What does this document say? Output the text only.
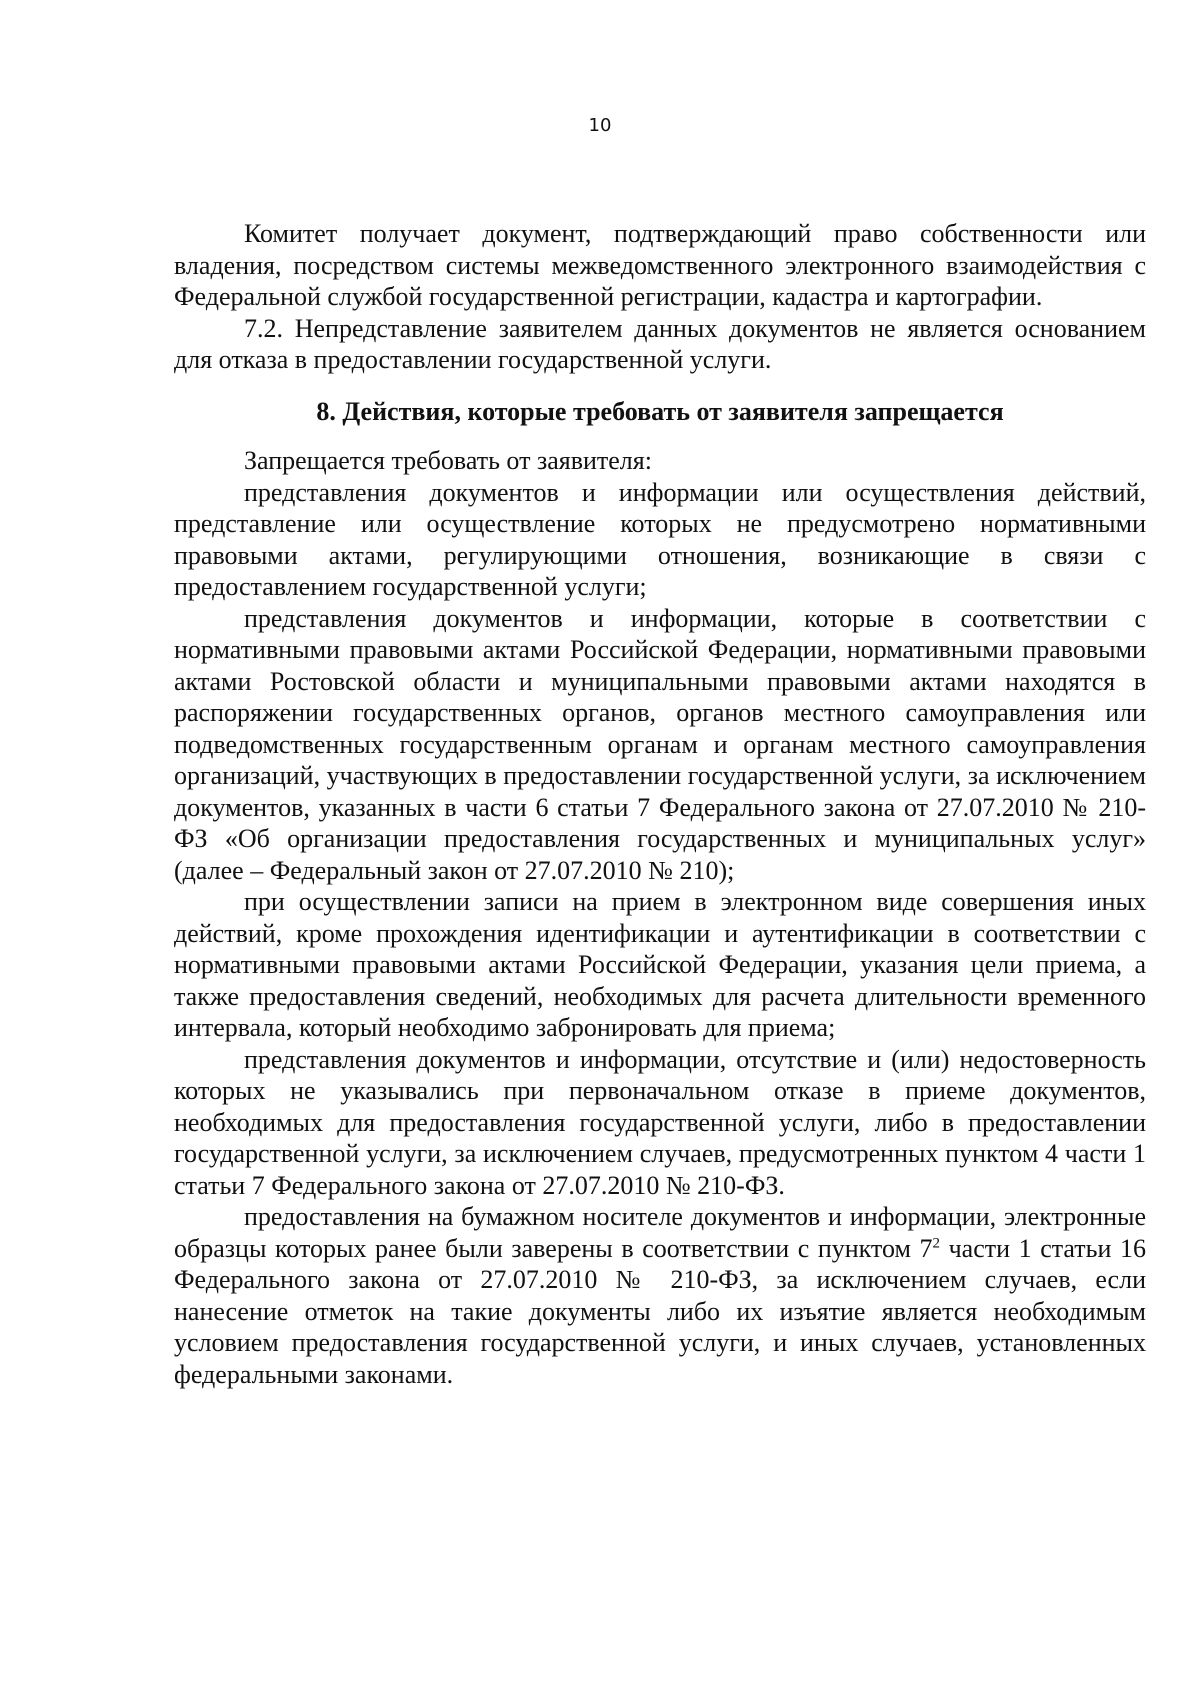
10

Комитет получает документ, подтверждающий право собственности или владения, посредством системы межведомственного электронного взаимодействия с Федеральной службой государственной регистрации, кадастра и картографии.

7.2. Непредставление заявителем данных документов не является основанием для отказа в предоставлении государственной услуги.

8. Действия, которые требовать от заявителя запрещается

Запрещается требовать от заявителя:

представления документов и информации или осуществления действий, представление или осуществление которых не предусмотрено нормативными правовыми актами, регулирующими отношения, возникающие в связи с предоставлением государственной услуги;

представления документов и информации, которые в соответствии с нормативными правовыми актами Российской Федерации, нормативными правовыми актами Ростовской области и муниципальными правовыми актами находятся в распоряжении государственных органов, органов местного самоуправления или подведомственных государственным органам и органам местного самоуправления организаций, участвующих в предоставлении государственной услуги, за исключением документов, указанных в части 6 статьи 7 Федерального закона от 27.07.2010 № 210-ФЗ «Об организации предоставления государственных и муниципальных услуг» (далее – Федеральный закон от 27.07.2010 № 210);

при осуществлении записи на прием в электронном виде совершения иных действий, кроме прохождения идентификации и аутентификации в соответствии с нормативными правовыми актами Российской Федерации, указания цели приема, а также предоставления сведений, необходимых для расчета длительности временного интервала, который необходимо забронировать для приема;

представления документов и информации, отсутствие и (или) недостоверность которых не указывались при первоначальном отказе в приеме документов, необходимых для предоставления государственной услуги, либо в предоставлении государственной услуги, за исключением случаев, предусмотренных пунктом 4 части 1 статьи 7 Федерального закона от 27.07.2010 № 210-ФЗ.

предоставления на бумажном носителе документов и информации, электронные образцы которых ранее были заверены в соответствии с пунктом $7^2$ части 1 статьи 16 Федерального закона от 27.07.2010 № 210-ФЗ, за исключением случаев, если нанесение отметок на такие документы либо их изъятие является необходимым условием предоставления государственной услуги, и иных случаев, установленных федеральными законами.
